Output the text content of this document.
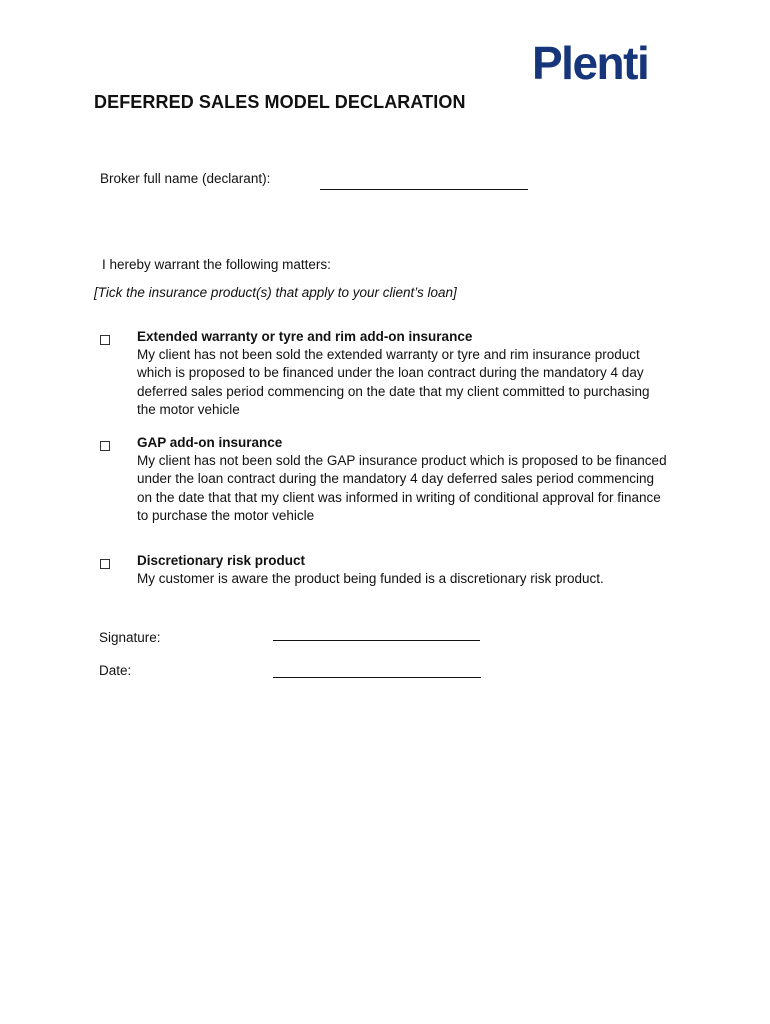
Plenti
DEFERRED SALES MODEL DECLARATION

Broker full name (declarant):

I hereby warrant the following matters:

[Tick the insurance product(s) that apply to your client’s loan]

Extended warranty or tyre and rim add-on insurance

My client has not been sold the extended warranty or tyre and rim insurance product which is proposed to be financed under the loan contract during the mandatory 4 day deferred sales period commencing on the date that my client committed to purchasing the motor vehicle

GAP add-on insurance

My client has not been sold the GAP insurance product which is proposed to be financed under the loan contract during the mandatory 4 day deferred sales period commencing on the date that that my client was informed in writing of conditional approval for finance to purchase the motor vehicle

Discretionary risk product

My customer is aware the product being funded is a discretionary risk product.

Signature:

Date:
